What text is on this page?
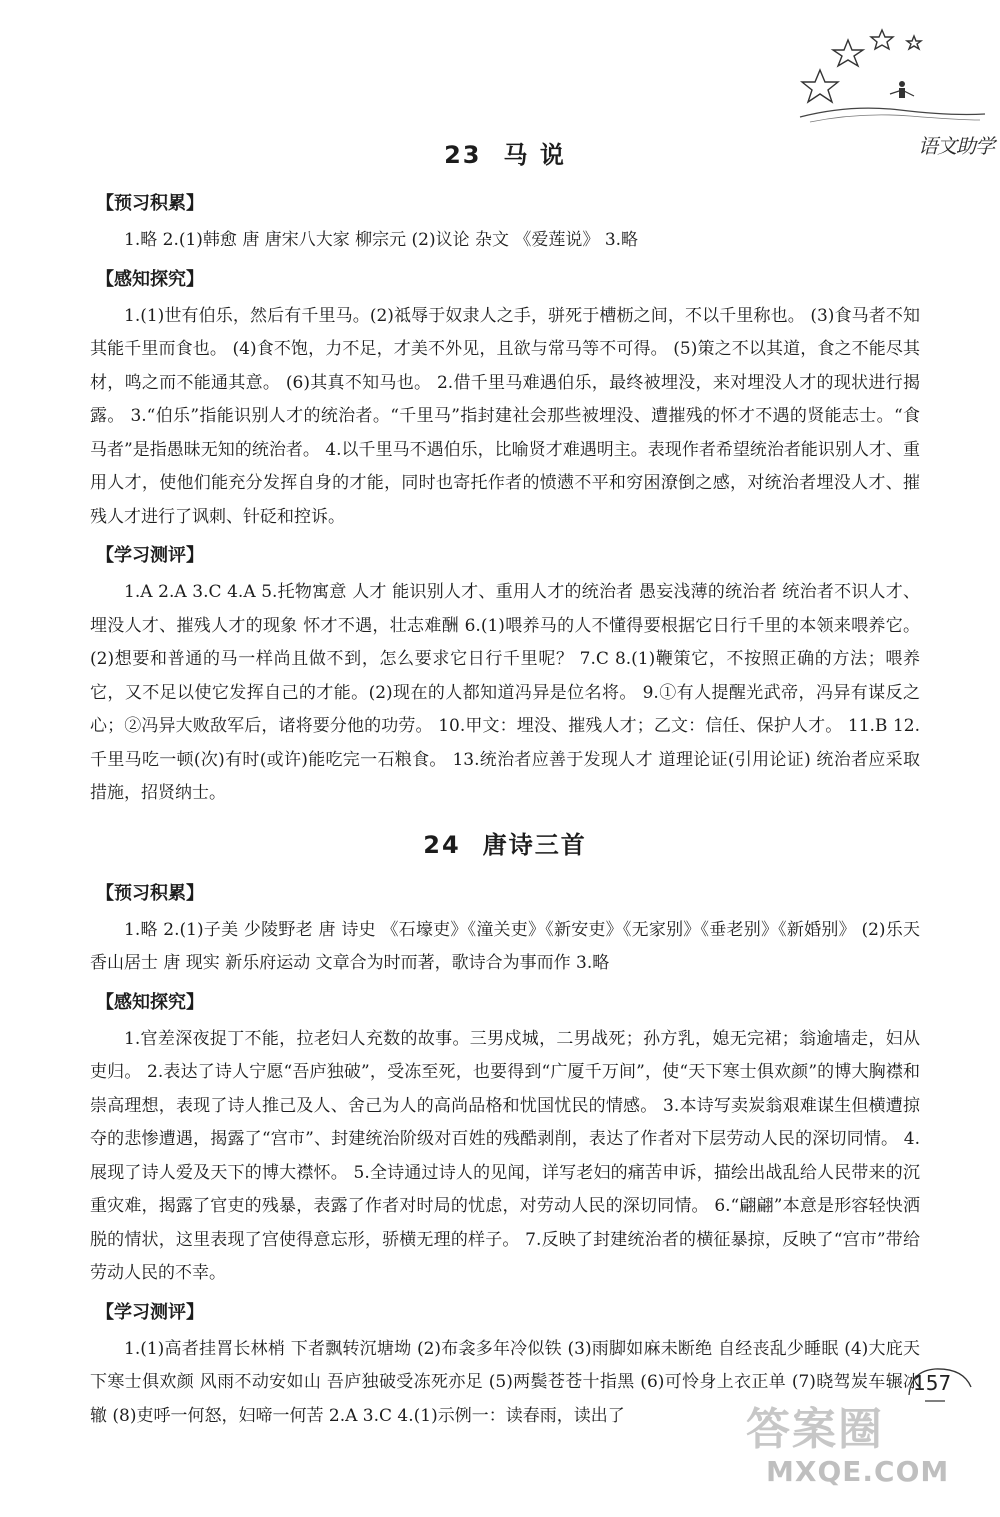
语文助学
23 马 说
【预习积累】

1.略 2.(1)韩愈 唐 唐宋八大家 柳宗元 (2)议论 杂文 《爱莲说》 3.略

【感知探究】

1.(1)世有伯乐，然后有千里马。(2)祗辱于奴隶人之手，骈死于槽枥之间，不以千里称也。 (3)食马者不知其能千里而食也。 (4)食不饱，力不足，才美不外见，且欲与常马等不可得。 (5)策之不以其道，食之不能尽其材，鸣之而不能通其意。 (6)其真不知马也。 2.借千里马难遇伯乐，最终被埋没，来对埋没人才的现状进行揭露。 3.“伯乐”指能识别人才的统治者。“千里马”指封建社会那些被埋没、遭摧残的怀才不遇的贤能志士。“食马者”是指愚昧无知的统治者。 4.以千里马不遇伯乐，比喻贤才难遇明主。表现作者希望统治者能识别人才、重用人才，使他们能充分发挥自身的才能，同时也寄托作者的愤懑不平和穷困潦倒之感，对统治者埋没人才、摧残人才进行了讽刺、针砭和控诉。

【学习测评】

1.A 2.A 3.C 4.A 5.托物寓意 人才 能识别人才、重用人才的统治者 愚妄浅薄的统治者 统治者不识人才、埋没人才、摧残人才的现象 怀才不遇，壮志难酬 6.(1)喂养马的人不懂得要根据它日行千里的本领来喂养它。(2)想要和普通的马一样尚且做不到，怎么要求它日行千里呢？ 7.C 8.(1)鞭策它，不按照正确的方法；喂养它，又不足以使它发挥自己的才能。(2)现在的人都知道冯异是位名将。 9.①有人提醒光武帝，冯异有谋反之心；②冯异大败敌军后，诸将要分他的功劳。 10.甲文：埋没、摧残人才；乙文：信任、保护人才。 11.B 12.千里马吃一顿(次)有时(或许)能吃完一石粮食。 13.统治者应善于发现人才 道理论证(引用论证) 统治者应采取措施，招贤纳士。

24 唐诗三首
【预习积累】

1.略 2.(1)子美 少陵野老 唐 诗史 《石壕吏》《潼关吏》《新安吏》《无家别》《垂老别》《新婚别》 (2)乐天 香山居士 唐 现实 新乐府运动 文章合为时而著，歌诗合为事而作 3.略

【感知探究】

1.官差深夜捉丁不能，拉老妇人充数的故事。三男戍城，二男战死；孙方乳，媳无完裙；翁逾墙走，妇从吏归。 2.表达了诗人宁愿“吾庐独破”，受冻至死，也要得到“广厦千万间”，使“天下寒士俱欢颜”的博大胸襟和崇高理想，表现了诗人推己及人、舍己为人的高尚品格和忧国忧民的情感。 3.本诗写卖炭翁艰难谋生但横遭掠夺的悲惨遭遇，揭露了“宫市”、封建统治阶级对百姓的残酷剥削，表达了作者对下层劳动人民的深切同情。 4.展现了诗人爱及天下的博大襟怀。 5.全诗通过诗人的见闻，详写老妇的痛苦申诉，描绘出战乱给人民带来的沉重灾难，揭露了官吏的残暴，表露了作者对时局的忧虑，对劳动人民的深切同情。 6.“翩翩”本意是形容轻快洒脱的情状，这里表现了宫使得意忘形，骄横无理的样子。 7.反映了封建统治者的横征暴掠，反映了“宫市”带给劳动人民的不幸。

【学习测评】

1.(1)高者挂罥长林梢 下者飘转沉塘坳 (2)布衾多年冷似铁 (3)雨脚如麻未断绝 自经丧乱少睡眠 (4)大庇天下寒士俱欢颜 风雨不动安如山 吾庐独破受冻死亦足 (5)两鬓苍苍十指黑 (6)可怜身上衣正单 (7)晓驾炭车辗冰辙 (8)吏呼一何怒，妇啼一何苦 2.A 3.C 4.(1)示例一：读春雨，读出了

157
答案圈
MXQE.COM
